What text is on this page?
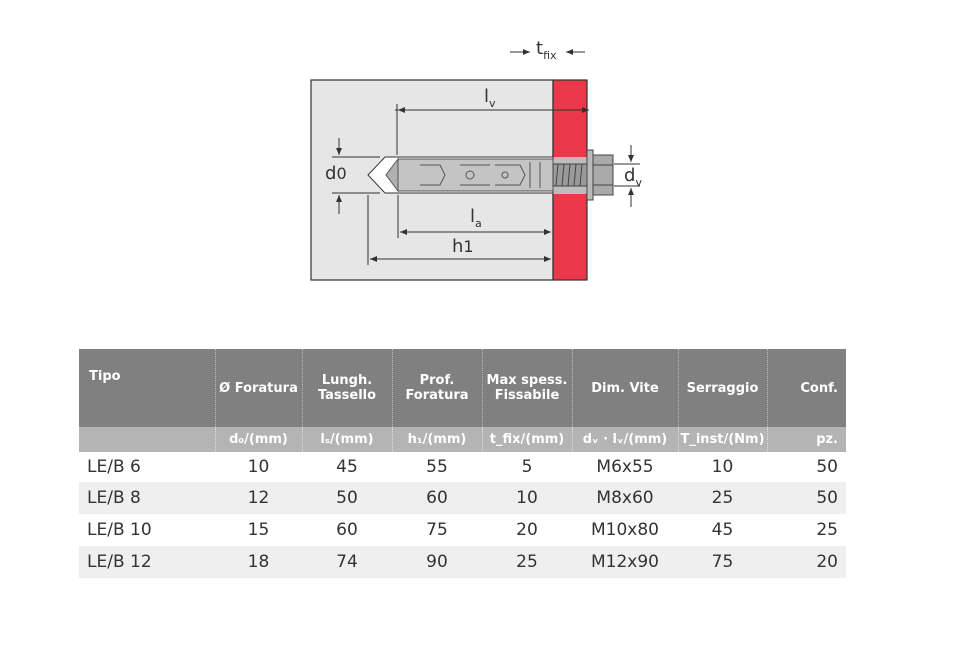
$t_{fix}$
$l_v$
d0	$d_v$
$l_a$
h1
Tipo	Ø Foratura	Lungh. Tassello	Prof. Foratura	Max spess. Fissabile	Dim. Vite	Serraggio	Conf.
	d₀/(mm)	lₛ/(mm)	h₁/(mm)	t_fix/(mm)	dᵥ · lᵥ/(mm)	T_inst/(Nm)	pz.
LE/B 6	10	45	55	5	M6x55	10	50
LE/B 8	12	50	60	10	M8x60	25	50
LE/B 10	15	60	75	20	M10x80	45	25
LE/B 12	18	74	90	25	M12x90	75	20
